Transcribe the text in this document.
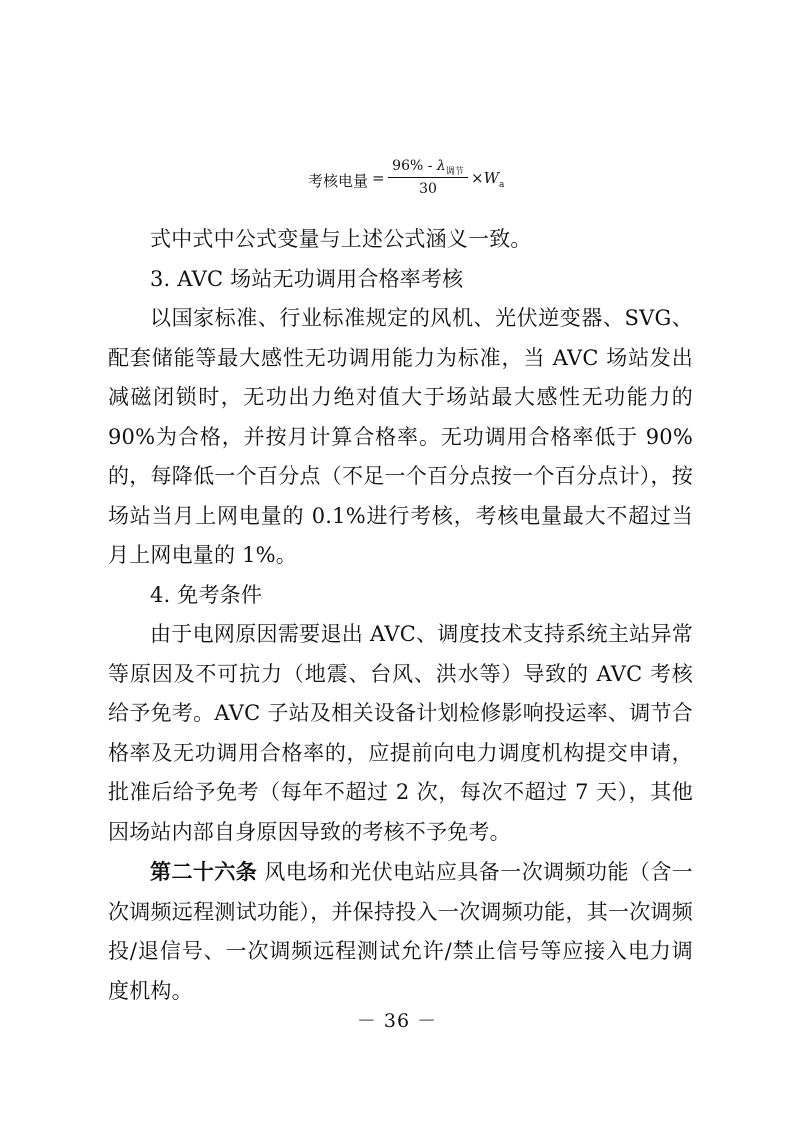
考核电量 =
$96\% - \lambda_{调节}$
30
$\times W_a$

式中式中公式变量与上述公式涵义一致。

3. AVC 场站无功调用合格率考核

以国家标准、行业标准规定的风机、光伏逆变器、SVG、配套储能等最大感性无功调用能力为标准，当 AVC 场站发出减磁闭锁时，无功出力绝对值大于场站最大感性无功能力的 90%为合格，并按月计算合格率。无功调用合格率低于 90%的，每降低一个百分点（不足一个百分点按一个百分点计），按场站当月上网电量的 0.1%进行考核，考核电量最大不超过当月上网电量的 1%。

4. 免考条件

由于电网原因需要退出 AVC、调度技术支持系统主站异常等原因及不可抗力（地震、台风、洪水等）导致的 AVC 考核给予免考。AVC 子站及相关设备计划检修影响投运率、调节合格率及无功调用合格率的，应提前向电力调度机构提交申请，批准后给予免考（每年不超过 2 次，每次不超过 7 天），其他因场站内部自身原因导致的考核不予免考。

第二十六条 风电场和光伏电站应具备一次调频功能（含一次调频远程测试功能），并保持投入一次调频功能，其一次调频投/退信号、一次调频远程测试允许/禁止信号等应接入电力调度机构。

－ 36 －
